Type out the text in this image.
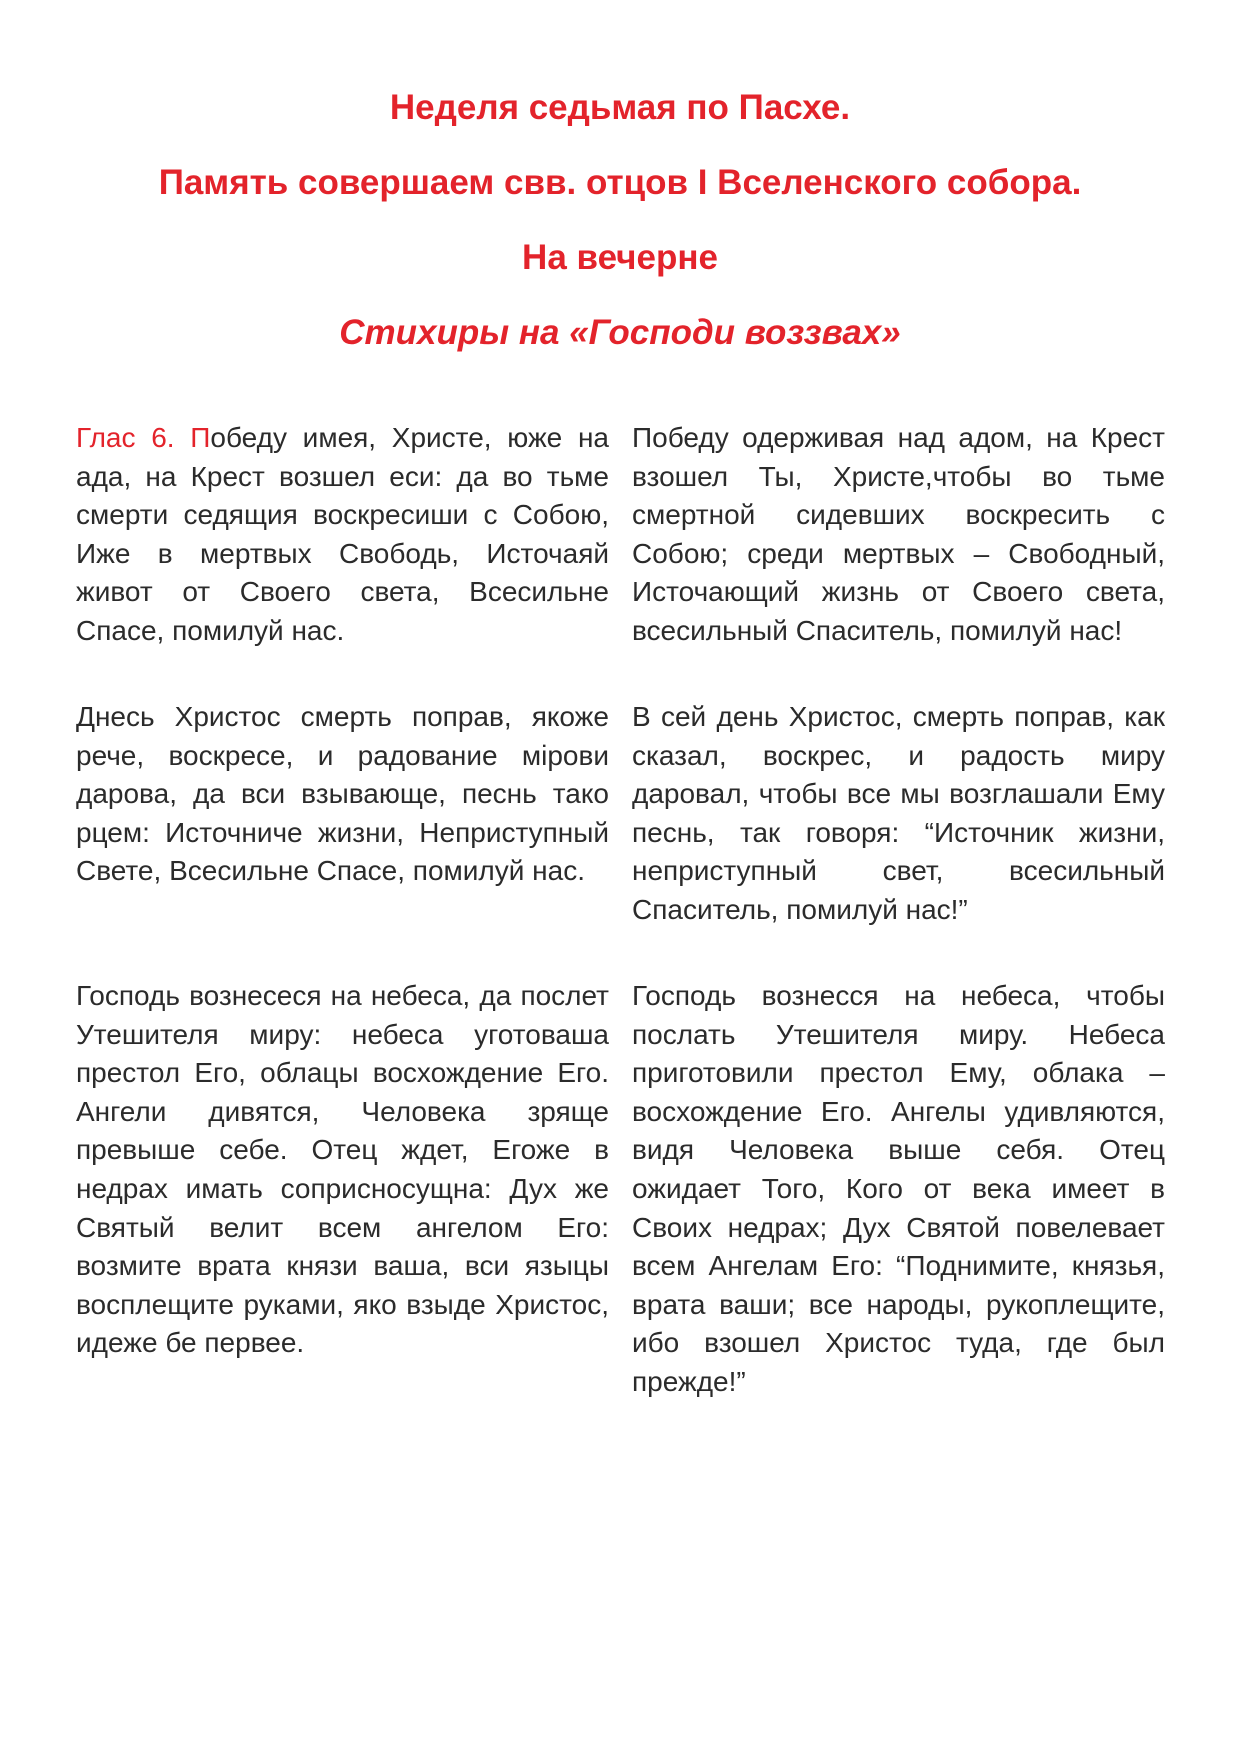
Неделя седьмая по Пасхе.
Память совершаем свв. отцов I Вселенского собора.
На вечерне
Стихиры на «Господи воззвах»

Глас 6. Победу имея, Христе, юже на ада, на Крест возшел еси: да во тьме смерти седящия воскресиши с Собою, Иже в мертвых Свободь, Источаяй живот от Своего света, Всесильне Спасе, помилуй нас.

Победу одерживая над адом, на Крест взошел Ты, Христе,чтобы во тьме смертной сидевших воскресить с Собою; среди мертвых – Свободный, Источающий жизнь от Своего света, всесильный Спаситель, помилуй нас!

Днесь Христос смерть поправ, якоже рече, воскресе, и радование мірови дарова, да вси взывающе, песнь тако рцем: Источниче жизни, Неприступный Свете, Всесильне Спасе, помилуй нас.

В сей день Христос, смерть поправ, как сказал, воскрес, и радость миру даровал, чтобы все мы возглашали Ему песнь, так говоря: “Источник жизни, неприступный свет, всесильный Спаситель, помилуй нас!”

Господь вознесеся на небеса, да послет Утешителя миру: небеса уготоваша престол Его, облацы восхождение Его. Ангели дивятся, Человека зряще превыше себе. Отец ждет, Егоже в недрах имать соприсносущна: Дух же Святый велит всем ангелом Его: возмите врата князи ваша, вси языцы восплещите руками, яко взыде Христос, идеже бе первее.

Господь вознесся на небеса, чтобы послать Утешителя миру. Небеса приготовили престол Ему, облака – восхождение Его. Ангелы удивляются, видя Человека выше себя. Отец ожидает Того, Кого от века имеет в Своих недрах; Дух Святой повелевает всем Ангелам Его: “Поднимите, князья, врата ваши; все народы, рукоплещите, ибо взошел Христос туда, где был прежде!”
